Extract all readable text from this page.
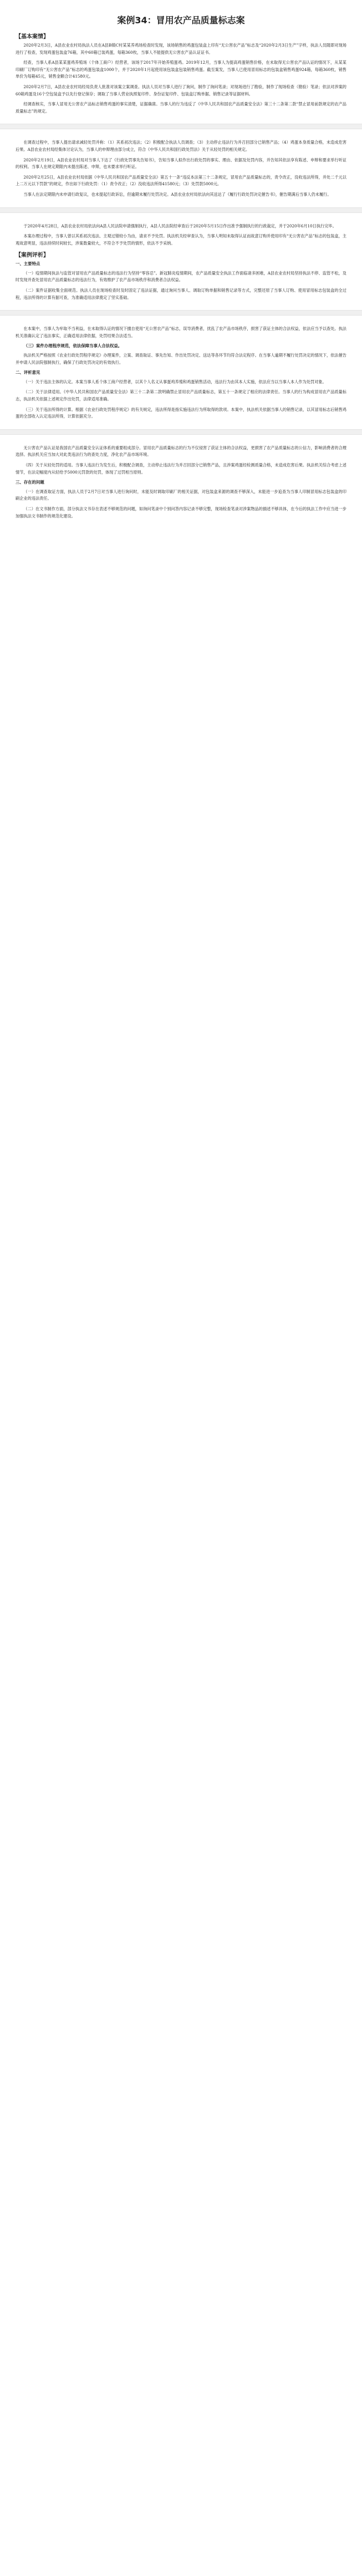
案例34：冒用农产品质量标志案
【基本案情】

2020年2月3日，A县农业农村局执法人员在A县B镇C村某某养鸡场检查时发现，该场销售的鸡蛋包装盒上印有“无公害农产品”标志及“2020年2月3日生产”字样，执法人员随即对现场进行了检查，发现鸡蛋包装盒76箱，其中60箱已装鸡蛋，每箱360枚，当事人不能提供无公害农产品认证证书。

经查，当事人系A县某某蛋鸡养殖场（个体工商户）经营者，该场于2017年开始养殖蛋鸡。2019年12月，当事人为提高鸡蛋销售价格，在未取得无公害农产品认证的情况下，从某某印刷厂订购印有“无公害农产品”标志的鸡蛋包装盒1000个，并于2020年1月起使用该包装盒包装销售鸡蛋。截至案发，当事人已使用冒用标志的包装盒销售鸡蛋924箱，每箱360枚，销售单价为每箱45元，销售金额合计41580元。

2020年2月7日，A县农业农村局经局负责人批准对该案立案调查。执法人员对当事人进行了询问，制作了询问笔录；对现场进行了勘验，制作了现场检查（勘验）笔录；依法对涉案的60箱鸡蛋及16个空包装盒予以先行登记保存；调取了当事人营业执照复印件、身份证复印件、包装盒订购单据、销售记录等证据材料。

经调查核实，当事人冒用无公害农产品标志销售鸡蛋的事实清楚，证据确凿。当事人的行为违反了《中华人民共和国农产品质量安全法》第三十二条第二款“禁止冒用前款规定的农产品质量标志”的规定。

在调查过程中，当事人提出请求减轻处罚并称：（1）其系初次违法；（2）积极配合执法人员调查；（3）主动停止违法行为并召回部分已销售产品；（4）鸡蛋本身质量合格，未造成危害后果。A县农业农村局经集体讨论认为，当事人的申辩理由部分成立，符合《中华人民共和国行政处罚法》关于从轻处罚的相关规定。

2020年2月19日，A县农业农村局对当事人下达了《行政处罚事先告知书》，告知当事人拟作出行政处罚的事实、理由、依据及处罚内容，并告知其依法享有陈述、申辩和要求举行听证的权利。当事人在规定期限内未提出陈述、申辩，也未要求举行听证。

2020年2月25日，A县农业农村局依据《中华人民共和国农产品质量安全法》第五十一条“违反本法第三十二条规定，冒用农产品质量标志的，责令改正，没收违法所得，并处二千元以上二万元以下罚款”的规定，作出如下行政处罚：（1）责令改正；（2）没收违法所得41580元；（3）处罚款5000元。

当事人在法定期限内未申请行政复议，也未提起行政诉讼，但逾期未履行处罚决定。A县农业农村局依法向其送达了《履行行政处罚决定催告书》，催告期满后当事人仍未履行。

于2020年4月28日，A县农业农村局依法向A县人民法院申请强制执行，A县人民法院经审查后于2020年5月15日作出准予强制执行的行政裁定，并于2020年6月10日执行完毕。

本案办理过程中，当事人曾以其系初次违法、主观过错较小为由，请求不予处罚。执法机关经审查认为，当事人明知未取得认证而故意订购并使用印有“无公害农产品”标志的包装盒，主观故意明显，违法持续时间较长，涉案数量较大，不符合不予处罚的情形，依法不予采纳。

【案例评析】
一、主要特点

（一）疫情期间执法与监管对冒用农产品质量标志的违法行为坚持“零容忍”。新冠肺炎疫情期间，农产品质量安全执法工作面临诸多困难，A县农业农村局坚持执法不停、监管不松，及时发现并查处冒用农产品质量标志的违法行为，有效维护了农产品市场秩序和消费者合法权益。

（二）案件证据收集全面规范。执法人员在现场检查时及时固定了违法证据，通过询问当事人、调取订购单据和销售记录等方式，完整还原了当事人订购、使用冒用标志包装盒的全过程，违法所得的计算有据可查，为准确适用法律奠定了坚实基础。

在本案中，当事人为牟取不当利益，在未取得认证的情况下擅自使用“无公害农产品”标志，误导消费者，扰乱了农产品市场秩序，损害了获证主体的合法权益，依法应当予以查处。执法机关准确认定了违法事实，正确适用法律依据，处罚结果合法适当。

（三）案件办理程序规范，依法保障当事人合法权益。

执法机关严格按照《农业行政处罚程序规定》办理案件，立案、调查取证、事先告知、作出处罚决定、送达等各环节均符合法定程序。在当事人逾期不履行处罚决定的情况下，依法催告并申请人民法院强制执行，确保了行政处罚决定的有效执行。

二、评析意见

（一）关于违法主体的认定。本案当事人系个体工商户经营者，以其个人名义从事蛋鸡养殖和鸡蛋销售活动，违法行为由其本人实施，依法应当以当事人本人作为处罚对象。

（二）关于法律适用。《中华人民共和国农产品质量安全法》第三十二条第二款明确禁止冒用农产品质量标志，第五十一条规定了相应的法律责任。当事人的行为构成冒用农产品质量标志，执法机关依据上述规定作出处罚，法律适用准确。

（三）关于违法所得的计算。根据《农业行政处罚程序规定》的有关规定，违法所得是指实施违法行为所取得的款项。本案中，执法机关依据当事人的销售记录，以其冒用标志后销售鸡蛋的全部收入认定违法所得，计算依据充分。

无公害农产品认证是我国农产品质量安全认证体系的重要组成部分。冒用农产品质量标志的行为不仅侵害了获证主体的合法权益，更损害了农产品质量标志的公信力，影响消费者的合理选择。执法机关应当加大对此类违法行为的查处力度，净化农产品市场环境。

（四）关于从轻处罚的适用。当事人违法行为发生后，积极配合调查，主动停止违法行为并召回部分已销售产品，且涉案鸡蛋经检测质量合格，未造成危害后果。执法机关综合考虑上述情节，在法定幅度内从轻给予5000元罚款的处罚，体现了过罚相当原则。

三、存在的问题

（一）在调查取证方面，执法人员于2月7日对当事人进行询问时，未能及时调取印刷厂的相关证据，对包装盒来源的调查不够深入，未能进一步追查为当事人印制冒用标志包装盒的印刷企业的违法责任。

（二）在文书制作方面，部分执法文书存在表述不够规范的问题，如询问笔录中个别问答内容记录不够完整，现场检查笔录对涉案物品的描述不够具体，在今后的执法工作中应当进一步加强执法文书制作的规范化建设。
